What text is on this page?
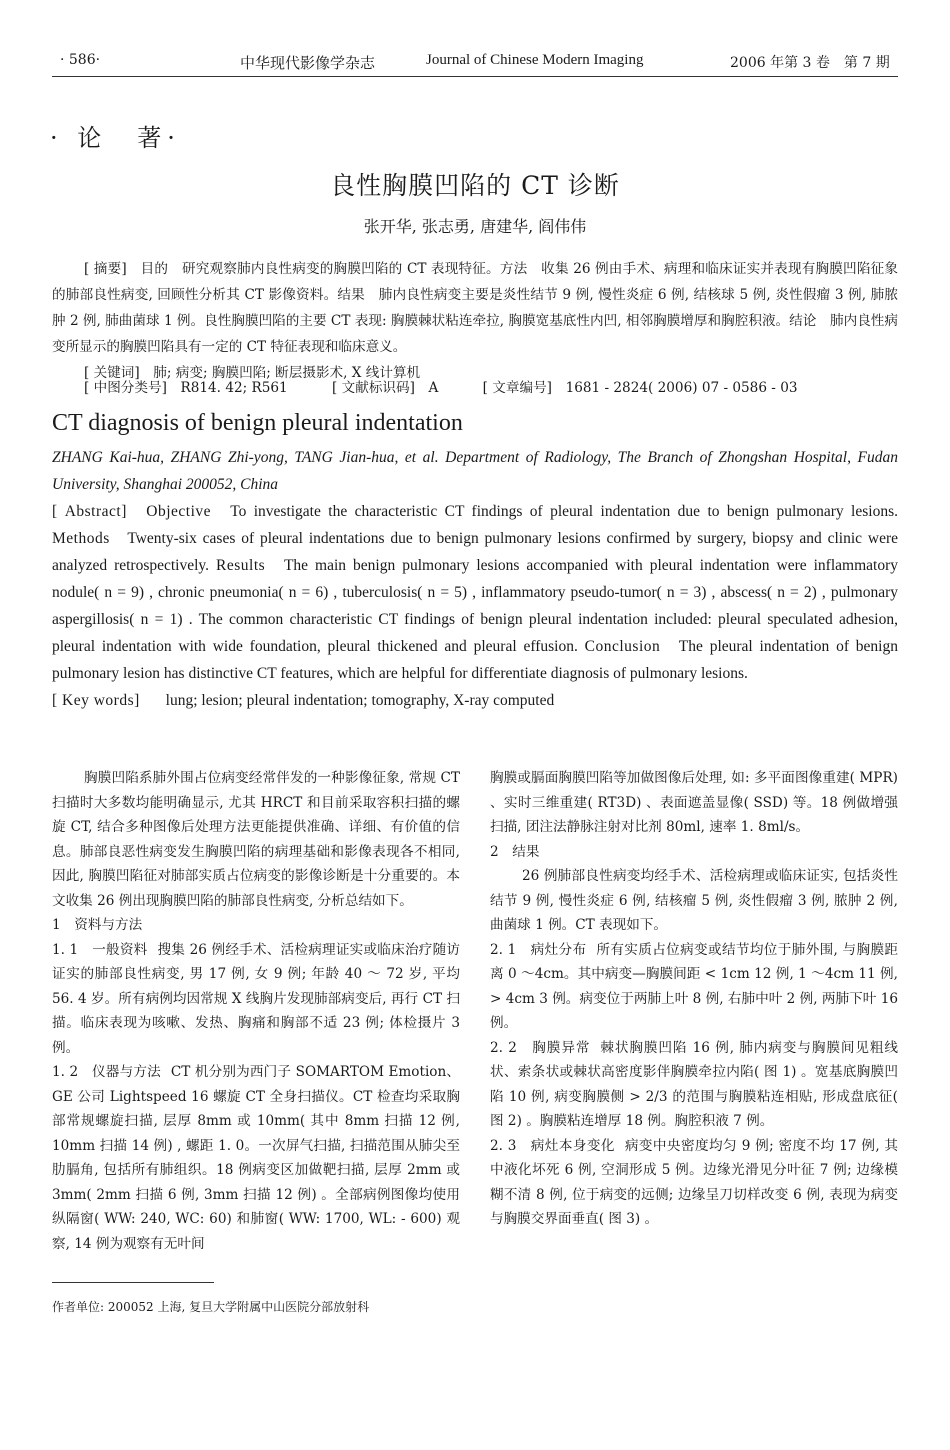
· 586·	中华现代影像学杂志	Journal of Chinese Modern Imaging	2006 年第 3 卷　第 7 期
· 论　著·
良性胸膜凹陷的 CT 诊断
张开华, 张志勇, 唐建华, 阎伟伟

[ 摘要]　目的　研究观察肺内良性病变的胸膜凹陷的 CT 表现特征。方法　收集 26 例由手术、病理和临床证实并表现有胸膜凹陷征象的肺部良性病变, 回顾性分析其 CT 影像资料。结果　肺内良性病变主要是炎性结节 9 例, 慢性炎症 6 例, 结核球 5 例, 炎性假瘤 3 例, 肺脓肿 2 例, 肺曲菌球 1 例。良性胸膜凹陷的主要 CT 表现: 胸膜棘状粘连牵拉, 胸膜宽基底性内凹, 相邻胸膜增厚和胸腔积液。结论　肺内良性病变所显示的胸膜凹陷具有一定的 CT 特征表现和临床意义。

[ 关键词]　肺; 病变; 胸膜凹陷; 断层摄影术, X 线计算机

[ 中图分类号]　R814. 42; R561	[ 文献标识码]　A	[ 文章编号]　1681 - 2824( 2006) 07 - 0586 - 03
CT diagnosis of benign pleural indentation
ZHANG Kai-hua, ZHANG Zhi-yong, TANG Jian-hua, et al. Department of Radiology, The Branch of Zhongshan Hospital, Fudan University, Shanghai 200052, China

[ Abstract] Objective To investigate the characteristic CT findings of pleural indentation due to benign pulmonary lesions. Methods Twenty-six cases of pleural indentations due to benign pulmonary lesions confirmed by surgery, biopsy and clinic were analyzed retrospectively. Results The main benign pulmonary lesions accompanied with pleural indentation were inflammatory nodule( n = 9) , chronic pneumonia( n = 6) , tuberculosis( n = 5) , inflammatory pseudo-tumor( n = 3) , abscess( n = 2) , pulmonary aspergillosis( n = 1) . The common characteristic CT findings of benign pleural indentation included: pleural speculated adhesion, pleural indentation with wide foundation, pleural thickened and pleural effusion. Conclusion The pleural indentation of benign pulmonary lesion has distinctive CT features, which are helpful for differentiate diagnosis of pulmonary lesions.

[ Key words] lung; lesion; pleural indentation; tomography, X-ray computed

胸膜凹陷系肺外围占位病变经常伴发的一种影像征象, 常规 CT 扫描时大多数均能明确显示, 尤其 HRCT 和目前采取容积扫描的螺旋 CT, 结合多种图像后处理方法更能提供准确、详细、有价值的信息。肺部良恶性病变发生胸膜凹陷的病理基础和影像表现各不相同, 因此, 胸膜凹陷征对肺部实质占位病变的影像诊断是十分重要的。本文收集 26 例出现胸膜凹陷的肺部良性病变, 分析总结如下。

1　资料与方法

1. 1　一般资料 搜集 26 例经手术、活检病理证实或临床治疗随访证实的肺部良性病变, 男 17 例, 女 9 例; 年龄 40 ～ 72 岁, 平均 56. 4 岁。所有病例均因常规 X 线胸片发现肺部病变后, 再行 CT 扫描。临床表现为咳嗽、发热、胸痛和胸部不适 23 例; 体检摄片 3 例。

1. 2　仪器与方法 CT 机分别为西门子 SOMARTOM Emotion、GE 公司 Lightspeed 16 螺旋 CT 全身扫描仪。CT 检查均采取胸部常规螺旋扫描, 层厚 8mm 或 10mm( 其中 8mm 扫描 12 例, 10mm 扫描 14 例) , 螺距 1. 0。一次屏气扫描, 扫描范围从肺尖至肋膈角, 包括所有肺组织。18 例病变区加做靶扫描, 层厚 2mm 或 3mm( 2mm 扫描 6 例, 3mm 扫描 12 例) 。全部病例图像均使用纵隔窗( WW: 240, WC: 60) 和肺窗( WW: 1700, WL: - 600) 观察, 14 例为观察有无叶间

胸膜或膈面胸膜凹陷等加做图像后处理, 如: 多平面图像重建( MPR) 、实时三维重建( RT3D) 、表面遮盖显像( SSD) 等。18 例做增强扫描, 团注法静脉注射对比剂 80ml, 速率 1. 8ml/s。

2　结果

26 例肺部良性病变均经手术、活检病理或临床证实, 包括炎性结节 9 例, 慢性炎症 6 例, 结核瘤 5 例, 炎性假瘤 3 例, 脓肿 2 例, 曲菌球 1 例。CT 表现如下。

2. 1　病灶分布 所有实质占位病变或结节均位于肺外围, 与胸膜距离 0 ～4cm。其中病变—胸膜间距 < 1cm 12 例, 1 ～4cm 11 例, > 4cm 3 例。病变位于两肺上叶 8 例, 右肺中叶 2 例, 两肺下叶 16 例。

2. 2　胸膜异常 棘状胸膜凹陷 16 例, 肺内病变与胸膜间见粗线状、索条状或棘状高密度影伴胸膜牵拉内陷( 图 1) 。宽基底胸膜凹陷 10 例, 病变胸膜侧 > 2/3 的范围与胸膜粘连相贴, 形成盘底征( 图 2) 。胸膜粘连增厚 18 例。胸腔积液 7 例。

2. 3　病灶本身变化 病变中央密度均匀 9 例; 密度不均 17 例, 其中液化坏死 6 例, 空洞形成 5 例。边缘光滑见分叶征 7 例; 边缘模糊不清 8 例, 位于病变的远侧; 边缘呈刀切样改变 6 例, 表现为病变与胸膜交界面垂直( 图 3) 。

作者单位: 200052 上海, 复旦大学附属中山医院分部放射科
